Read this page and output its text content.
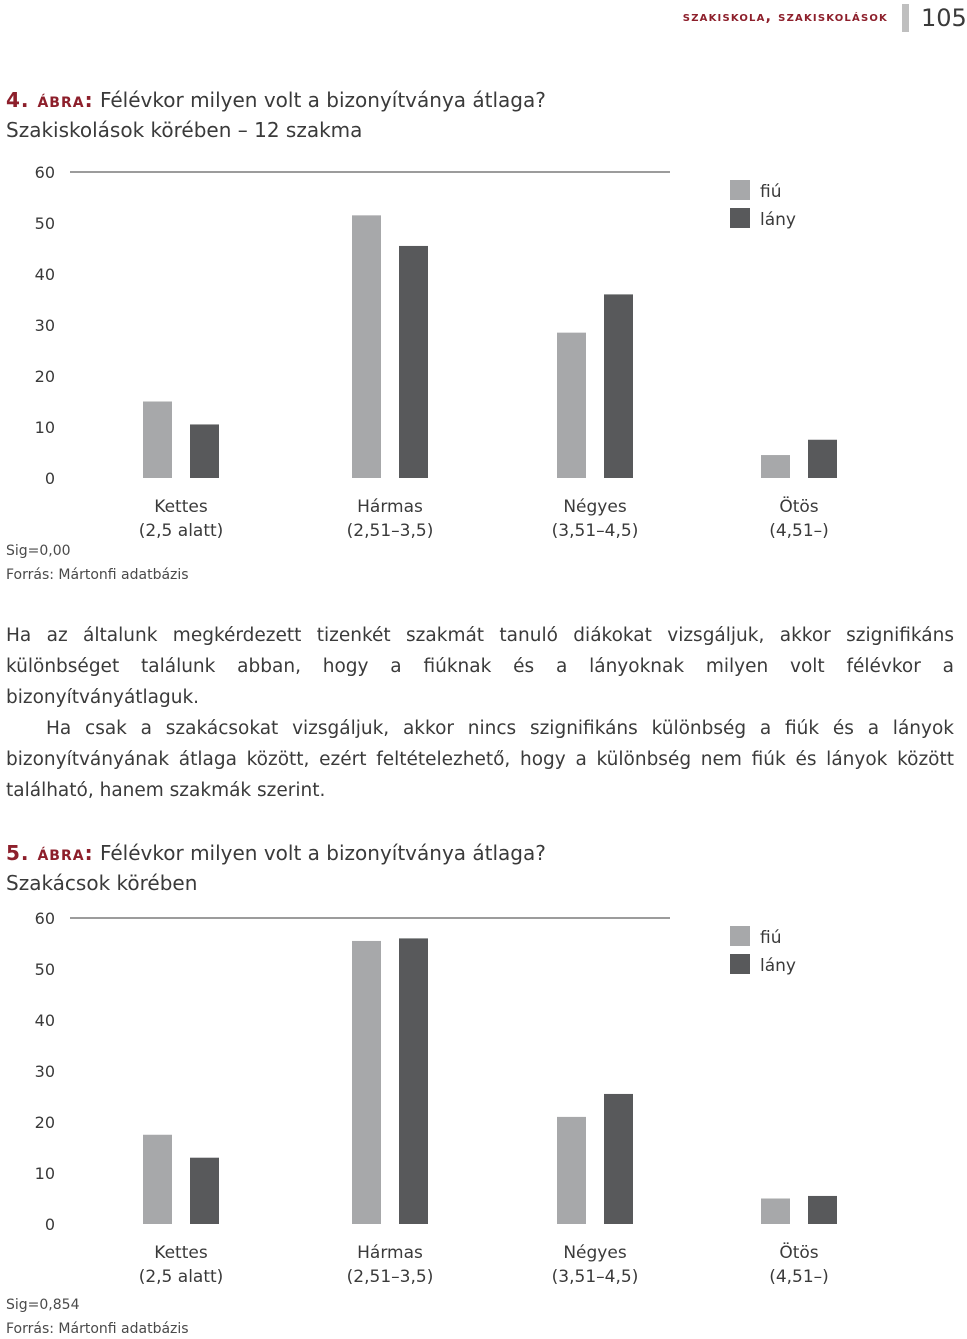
szakiskola, szakiskolások 105
4. ábra: Félévkor milyen volt a bizonyítványa átlaga?
Szakiskolások körében – 12 szakma
0
10
20
30
40
50
60
Kettes
(2,5 alatt)
Hármas
(2,51–3,5)
Négyes
(3,51–4,5)
Ötös
(4,51–)
fiú
lány
Sig=0,00
Forrás: Mártonfi adatbázis

Ha az általunk megkérdezett tizenkét szakmát tanuló diákokat vizsgáljuk, akkor szignifikáns különbséget találunk abban, hogy a fiúknak és a lányoknak milyen volt félévkor a bizonyítványátlaguk.

Ha csak a szakácsokat vizsgáljuk, akkor nincs szignifikáns különbség a fiúk és a lányok bizonyítványának átlaga között, ezért feltételezhető, hogy a különbség nem fiúk és lányok között található, hanem szakmák szerint.

5. ábra: Félévkor milyen volt a bizonyítványa átlaga?
Szakácsok körében
0
10
20
30
40
50
60
Kettes
(2,5 alatt)
Hármas
(2,51–3,5)
Négyes
(3,51–4,5)
Ötös
(4,51–)
fiú
lány
Sig=0,854
Forrás: Mártonfi adatbázis
